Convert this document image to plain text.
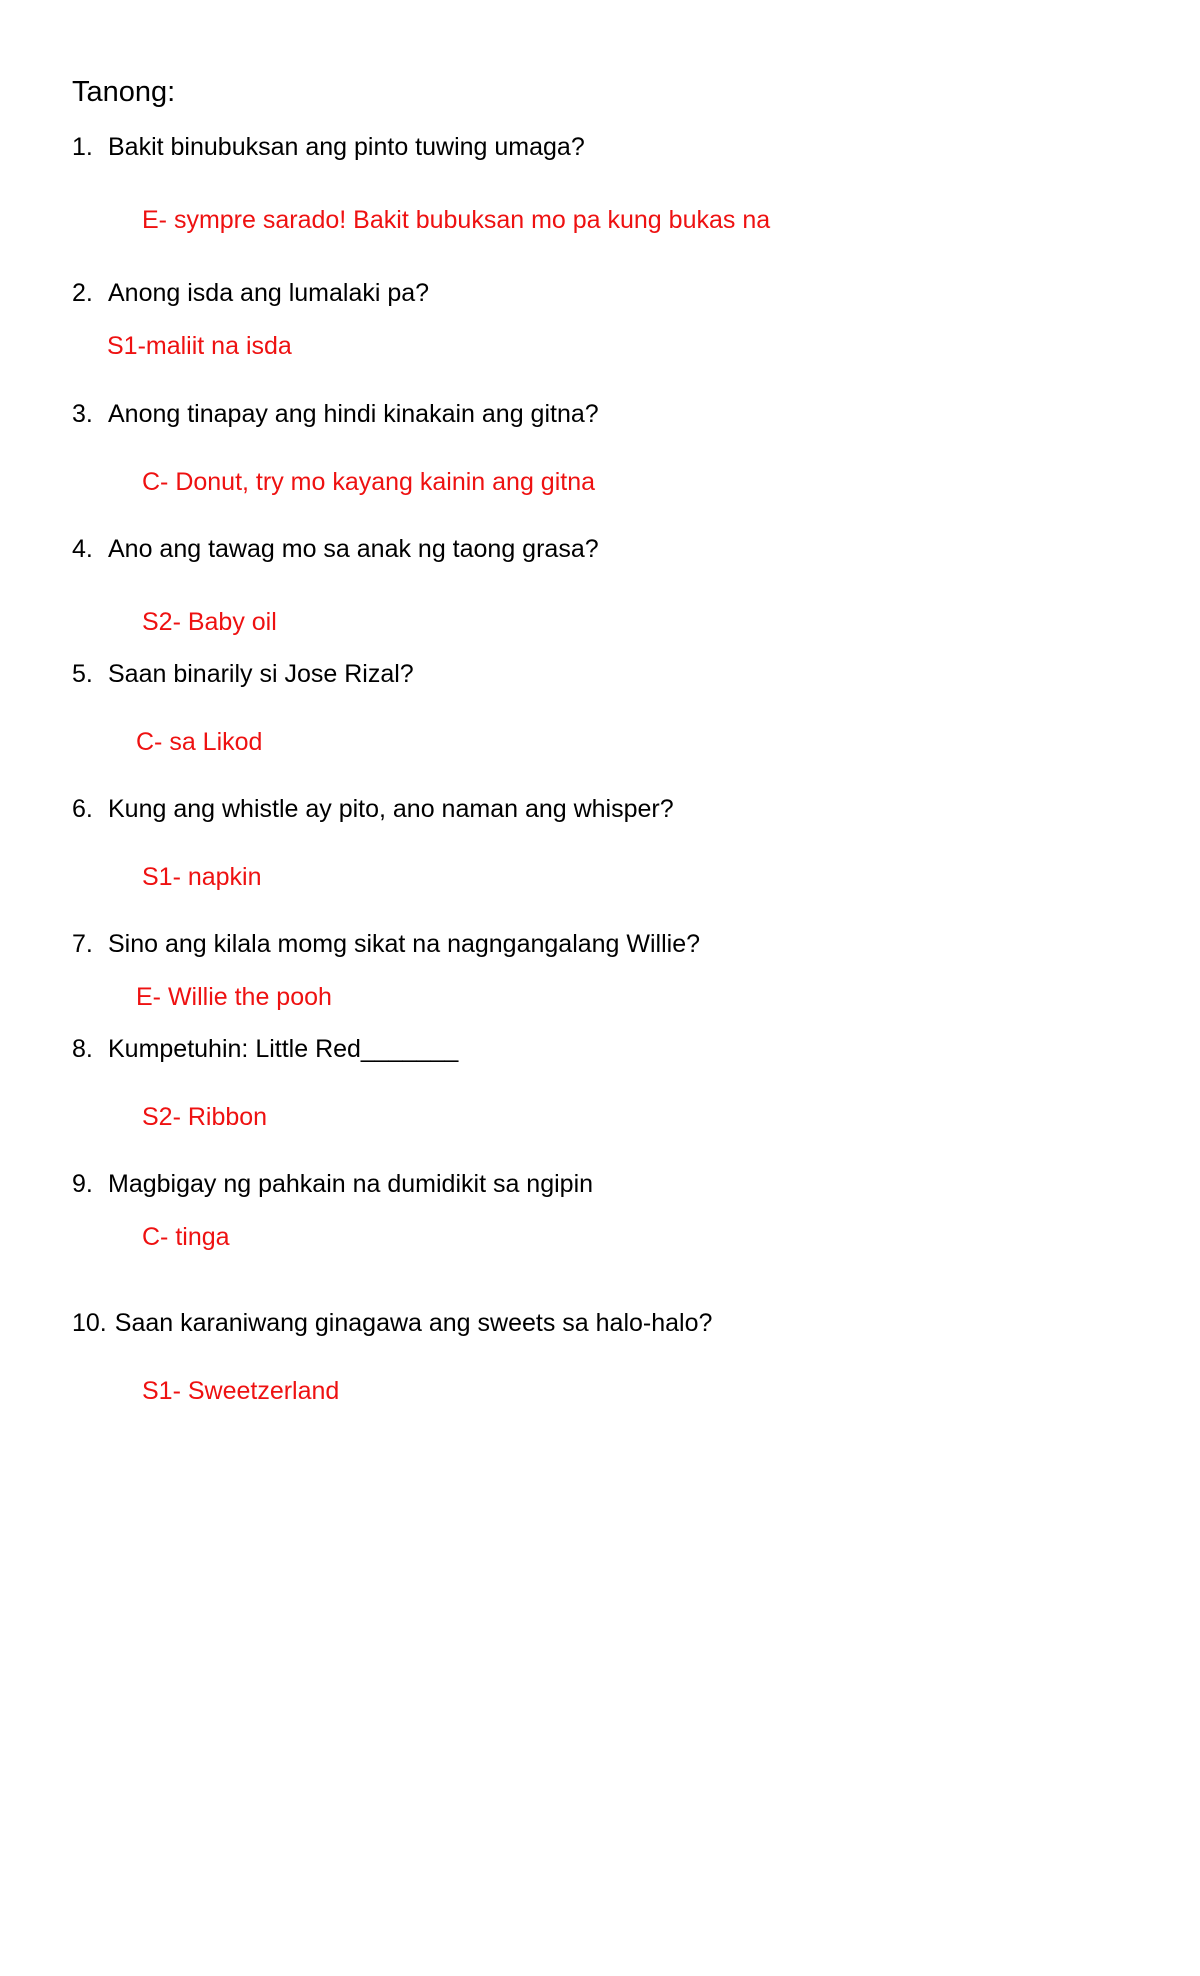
Tanong:
1. Bakit binubuksan ang pinto tuwing umaga?
E- sympre sarado! Bakit bubuksan mo pa kung bukas na
2. Anong isda ang lumalaki pa?
S1-maliit na isda
3. Anong tinapay ang hindi kinakain ang gitna?
C- Donut, try mo kayang kainin ang gitna
4. Ano ang tawag mo sa anak ng taong grasa?
S2- Baby oil
5. Saan binarily si Jose Rizal?
C- sa Likod
6. Kung ang whistle ay pito, ano naman ang whisper?
S1- napkin
7. Sino ang kilala momg sikat na nagngangalang Willie?
E- Willie the pooh
8. Kumpetuhin: Little Red_______
S2- Ribbon
9. Magbigay ng pahkain na dumidikit sa ngipin
C- tinga
10. Saan karaniwang ginagawa ang sweets sa halo-halo?
S1- Sweetzerland
